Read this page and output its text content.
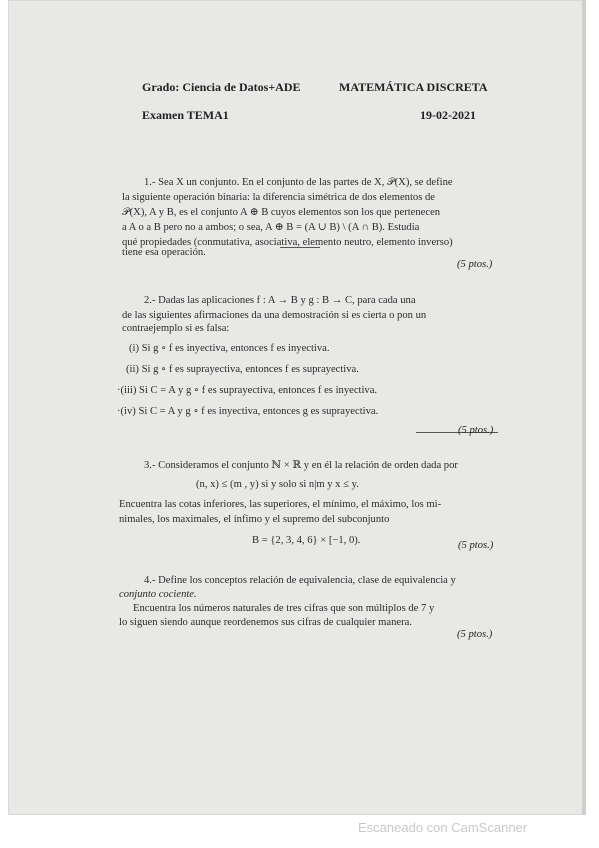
Grado: Ciencia de Datos+ADE	MATEMÁTICA DISCRETA
Examen TEMA1	19-02-2021
1.- Sea X un conjunto. En el conjunto de las partes de X, 𝒫(X), se define
la siguiente operación binaria: la diferencia simétrica de dos elementos de
𝒫(X), A y B, es el conjunto A ⊕ B cuyos elementos son los que pertenecen
a A o a B pero no a ambos; o sea, A ⊕ B = (A ∪ B) \ (A ∩ B). Estudia
qué propiedades (conmutativa, asociativa, elemento neutro, elemento inverso)
tiene esa operación.
(5 ptos.)
2.- Dadas las aplicaciones f : A → B y g : B → C, para cada una
de las siguientes afirmaciones da una demostración si es cierta o pon un
contraejemplo si es falsa:
(i) Si g ∘ f es inyectiva, entonces f es inyectiva.
(ii) Si g ∘ f es suprayectiva, entonces f es suprayectiva.
·(iii) Si C = A y g ∘ f es suprayectiva, entonces f es inyectiva.
·(iv) Si C = A y g ∘ f es inyectiva, entonces g es suprayectiva.
(5 ptos.)
3.- Consideramos el conjunto ℕ × ℝ y en él la relación de orden dada por
(n, x) ≤ (m , y) si y solo si n|m y x ≤ y.
Encuentra las cotas inferiores, las superiores, el mínimo, el máximo, los mi-
nimales, los maximales, el ínfimo y el supremo del subconjunto
B = {2, 3, 4, 6} × [−1, 0).	(5 ptos.)
4.- Define los conceptos relación de equivalencia, clase de equivalencia y
conjunto cociente.
Encuentra los números naturales de tres cifras que son múltiplos de 7 y
lo siguen siendo aunque reordenemos sus cifras de cualquier manera.
(5 ptos.)
Escaneado con CamScanner
